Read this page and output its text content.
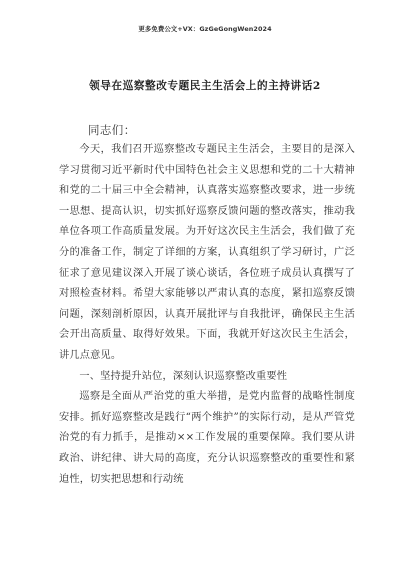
更多免费公文+VX：GzGeGongWen2024
领导在巡察整改专题民主生活会上的主持讲话2
同志们：

今天，我们召开巡察整改专题民主生活会，主要目的是深入学习贯彻习近平新时代中国特色社会主义思想和党的二十大精神和党的二十届三中全会精神，认真落实巡察整改要求，进一步统一思想、提高认识，切实抓好巡察反馈问题的整改落实，推动我单位各项工作高质量发展。为开好这次民主生活会，我们做了充分的准备工作，制定了详细的方案，认真组织了学习研讨，广泛征求了意见建议深入开展了谈心谈话，各位班子成员认真撰写了对照检查材料。希望大家能够以严肃认真的态度，紧扣巡察反馈问题，深刻剖析原因，认真开展批评与自我批评，确保民主生活会开出高质量、取得好效果。下面，我就开好这次民主生活会，讲几点意见。

一、坚持提升站位，深刻认识巡察整改重要性

巡察是全面从严治党的重大举措，是党内监督的战略性制度安排。抓好巡察整改是践行“两个维护”的实际行动，是从严管党治党的有力抓手，是推动××工作发展的重要保障。我们要从讲政治、讲纪律、讲大局的高度，充分认识巡察整改的重要性和紧迫性，切实把思想和行动统
